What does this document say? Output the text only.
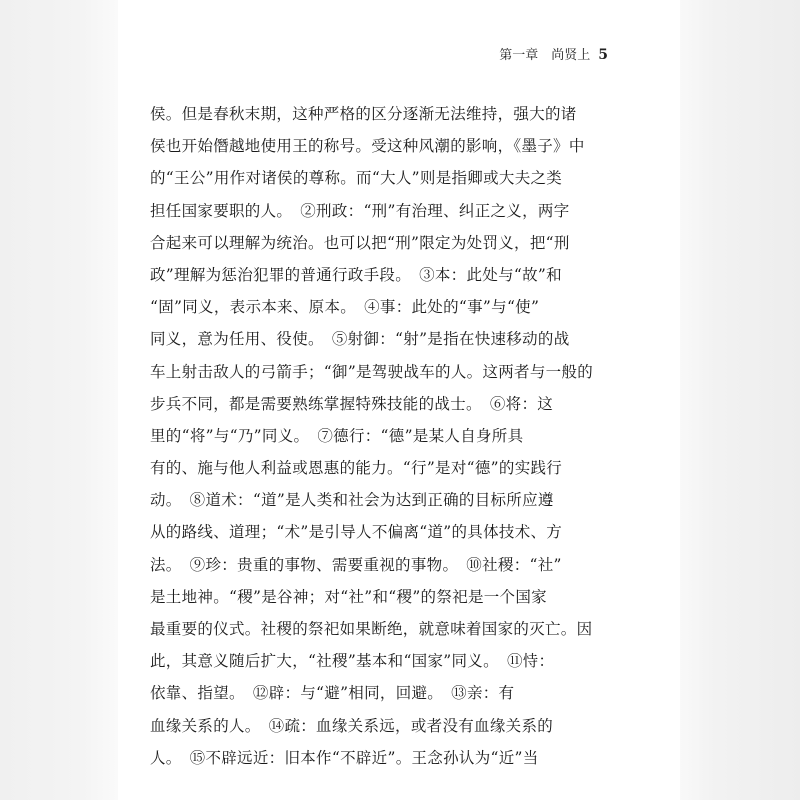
第一章　尚贤上 5
侯。但是春秋末期，这种严格的区分逐渐无法维持，强大的诸
侯也开始僭越地使用王的称号。受这种风潮的影响，《墨子》中
的“王公”用作对诸侯的尊称。而“大人”则是指卿或大夫之类
担任国家要职的人。　②刑政：“刑”有治理、纠正之义，两字
合起来可以理解为统治。也可以把“刑”限定为处罚义，把“刑
政”理解为惩治犯罪的普通行政手段。　③本：此处与“故”和
“固”同义，表示本来、原本。　④事：此处的“事”与“使”
同义，意为任用、役使。　⑤射御：“射”是指在快速移动的战
车上射击敌人的弓箭手；“御”是驾驶战车的人。这两者与一般的
步兵不同，都是需要熟练掌握特殊技能的战士。　⑥将：这
里的“将”与“乃”同义。　⑦德行：“德”是某人自身所具
有的、施与他人利益或恩惠的能力。“行”是对“德”的实践行
动。　⑧道术：“道”是人类和社会为达到正确的目标所应遵
从的路线、道理；“术”是引导人不偏离“道”的具体技术、方
法。　⑨珍：贵重的事物、需要重视的事物。　⑩社稷：“社”
是土地神。“稷”是谷神；对“社”和“稷”的祭祀是一个国家
最重要的仪式。社稷的祭祀如果断绝，就意味着国家的灭亡。因
此，其意义随后扩大，“社稷”基本和“国家”同义。　⑪恃：
依靠、指望。　⑫辟：与“避”相同，回避。　⑬亲：有
血缘关系的人。　⑭疏：血缘关系远，或者没有血缘关系的
人。　⑮不辟远近：旧本作“不辟近”。王念孙认为“近”当
